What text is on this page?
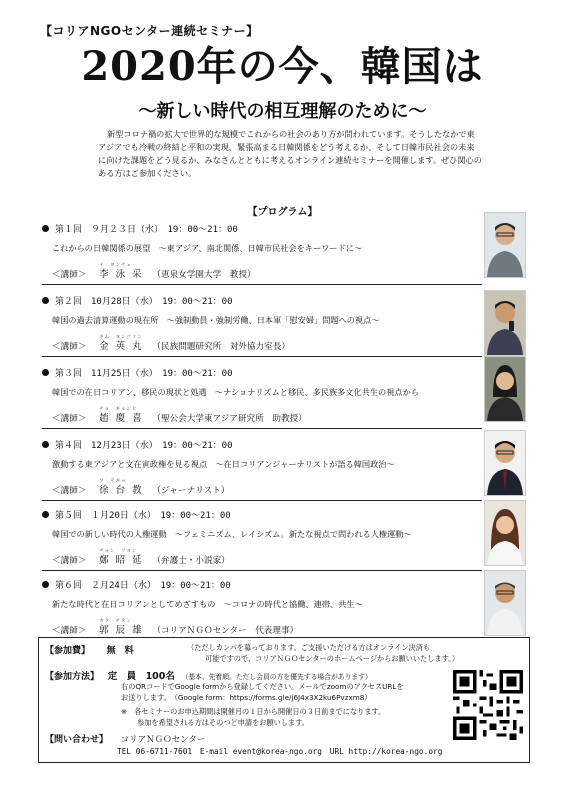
【コリアNGOセンター連続セミナー】
2020年の今、韓国は
～新しい時代の相互理解のために～
新型コロナ禍の拡大で世界的な規模でこれからの社会のあり方が問われています。そうしたなかで東アジアでも冷戦の終結と平和の実現、緊張高まる日韓関係をどう考えるか、そして日韓市民社会の未来に向けた課題をどう見るか、みなさんとともに考えるオンライン連続セミナーを開催します。ぜひ関心のある方はご参加ください。
【プログラム】
第１回　９月２３日（水）　19：00～21：00
これからの日韓関係の展望　～東アジア、南北関係、日韓市民社会をキーワードに～
＜講師＞
イ　ヨンチェ
李 泳 采 （恵泉女学園大学　教授）
第２回　10月28日（水）　19：00～21：00
韓国の過去清算運動の現在所　～強制動員・強制労働、日本軍「慰安婦」問題への視点～
＜講師＞
キム　ヨンファン
金 英 丸 （民族問題研究所　対外協力室長）
第３回　11月25日（水）　19：00～21：00
韓国での在日コリアン、移民の現状と処遇　～ナショナリズムと移民、多民族多文化共生の視点から
＜講師＞
チョ　ギョンヒ
趙 慶 喜 （聖公会大学東アジア研究所　助教授）
第４回　12月23日（水）　19：00～21：00
激動する東アジアと文在寅政権を見る視点　～在日コリアンジャーナリストが語る韓国政治～
＜講師＞
ソ　テギョ
徐 台 教 （ジャーナリスト）
第５回　１月20日（水）　19：00～21：00
韓国での新しい時代の人権運動　～フェミニズム、レイシズム。新たな視点で問われる人権運動～
＜講師＞
チョン　ソヨン
鄭 昭 延 （弁護士・小説家）
第６回　２月24日（水）　19：00～21：00
新たな時代と在日コリアンとしてめざすもの　～コロナの時代と協働、連帯、共生～
＜講師＞
カク　チヌン
郭 辰 雄 （コリアＮＧＯセンター　代表理事）
【参加費】 無　料	（ただしカンパを募っております。ご支援いただける方はオンライン決済も
可能ですので、コリアＮＧＯセンターのホームページからお願いいたします。）
【参加方法】 定　員　100名 （基本、先着順。ただし会員の方を優先する場合があります）
右のQRコードでGoogle formから登録してください。メールでzoomのアクセスURLを
お送りします。　（Google form：https://forms.gle/j6J4x3X2ku6Pvzxm8）
※　各セミナーのお申込期間は開催月の１日から開催日の３日前までになります。
参加を希望される方はそのつど申請をお願いします。
【問い合わせ】 コリアＮＧＯセンター
TEL 06-6711-7601　E-mail event@korea-ngo.org　URL http://korea-ngo.org
